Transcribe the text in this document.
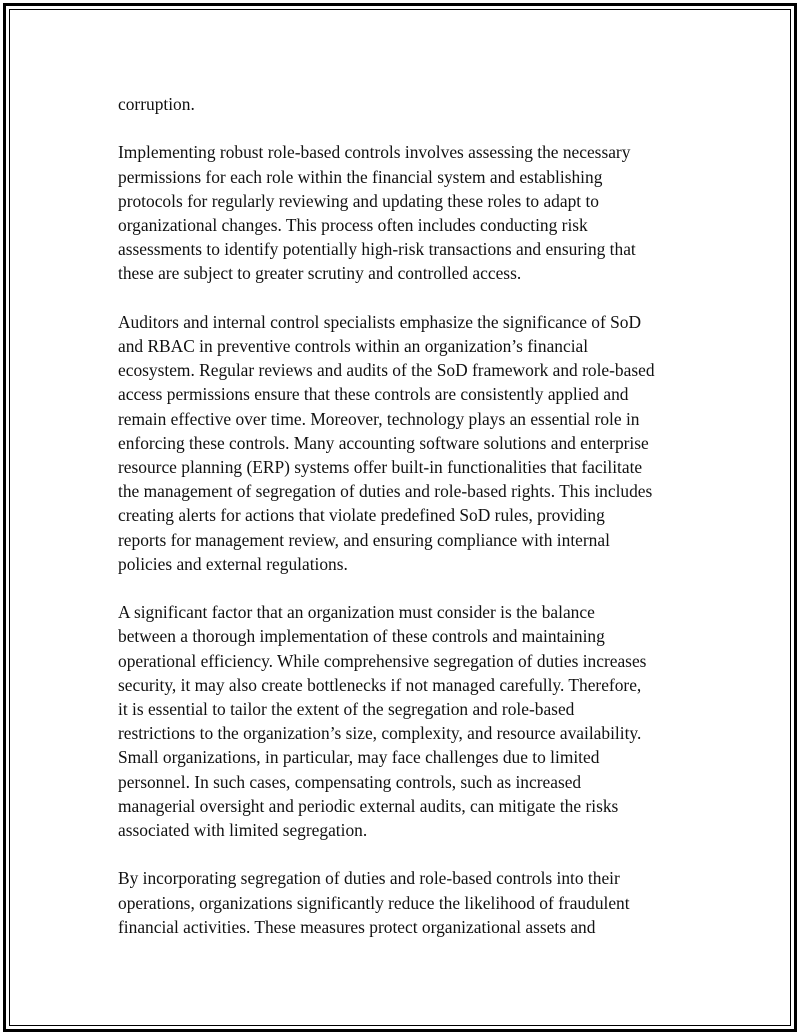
corruption.

Implementing robust role-based controls involves assessing the necessary
permissions for each role within the financial system and establishing
protocols for regularly reviewing and updating these roles to adapt to
organizational changes. This process often includes conducting risk
assessments to identify potentially high-risk transactions and ensuring that
these are subject to greater scrutiny and controlled access.

Auditors and internal control specialists emphasize the significance of SoD
and RBAC in preventive controls within an organization’s financial
ecosystem. Regular reviews and audits of the SoD framework and role-based
access permissions ensure that these controls are consistently applied and
remain effective over time. Moreover, technology plays an essential role in
enforcing these controls. Many accounting software solutions and enterprise
resource planning (ERP) systems offer built-in functionalities that facilitate
the management of segregation of duties and role-based rights. This includes
creating alerts for actions that violate predefined SoD rules, providing
reports for management review, and ensuring compliance with internal
policies and external regulations.

A significant factor that an organization must consider is the balance
between a thorough implementation of these controls and maintaining
operational efficiency. While comprehensive segregation of duties increases
security, it may also create bottlenecks if not managed carefully. Therefore,
it is essential to tailor the extent of the segregation and role-based
restrictions to the organization’s size, complexity, and resource availability.
Small organizations, in particular, may face challenges due to limited
personnel. In such cases, compensating controls, such as increased
managerial oversight and periodic external audits, can mitigate the risks
associated with limited segregation.

By incorporating segregation of duties and role-based controls into their
operations, organizations significantly reduce the likelihood of fraudulent
financial activities. These measures protect organizational assets and
